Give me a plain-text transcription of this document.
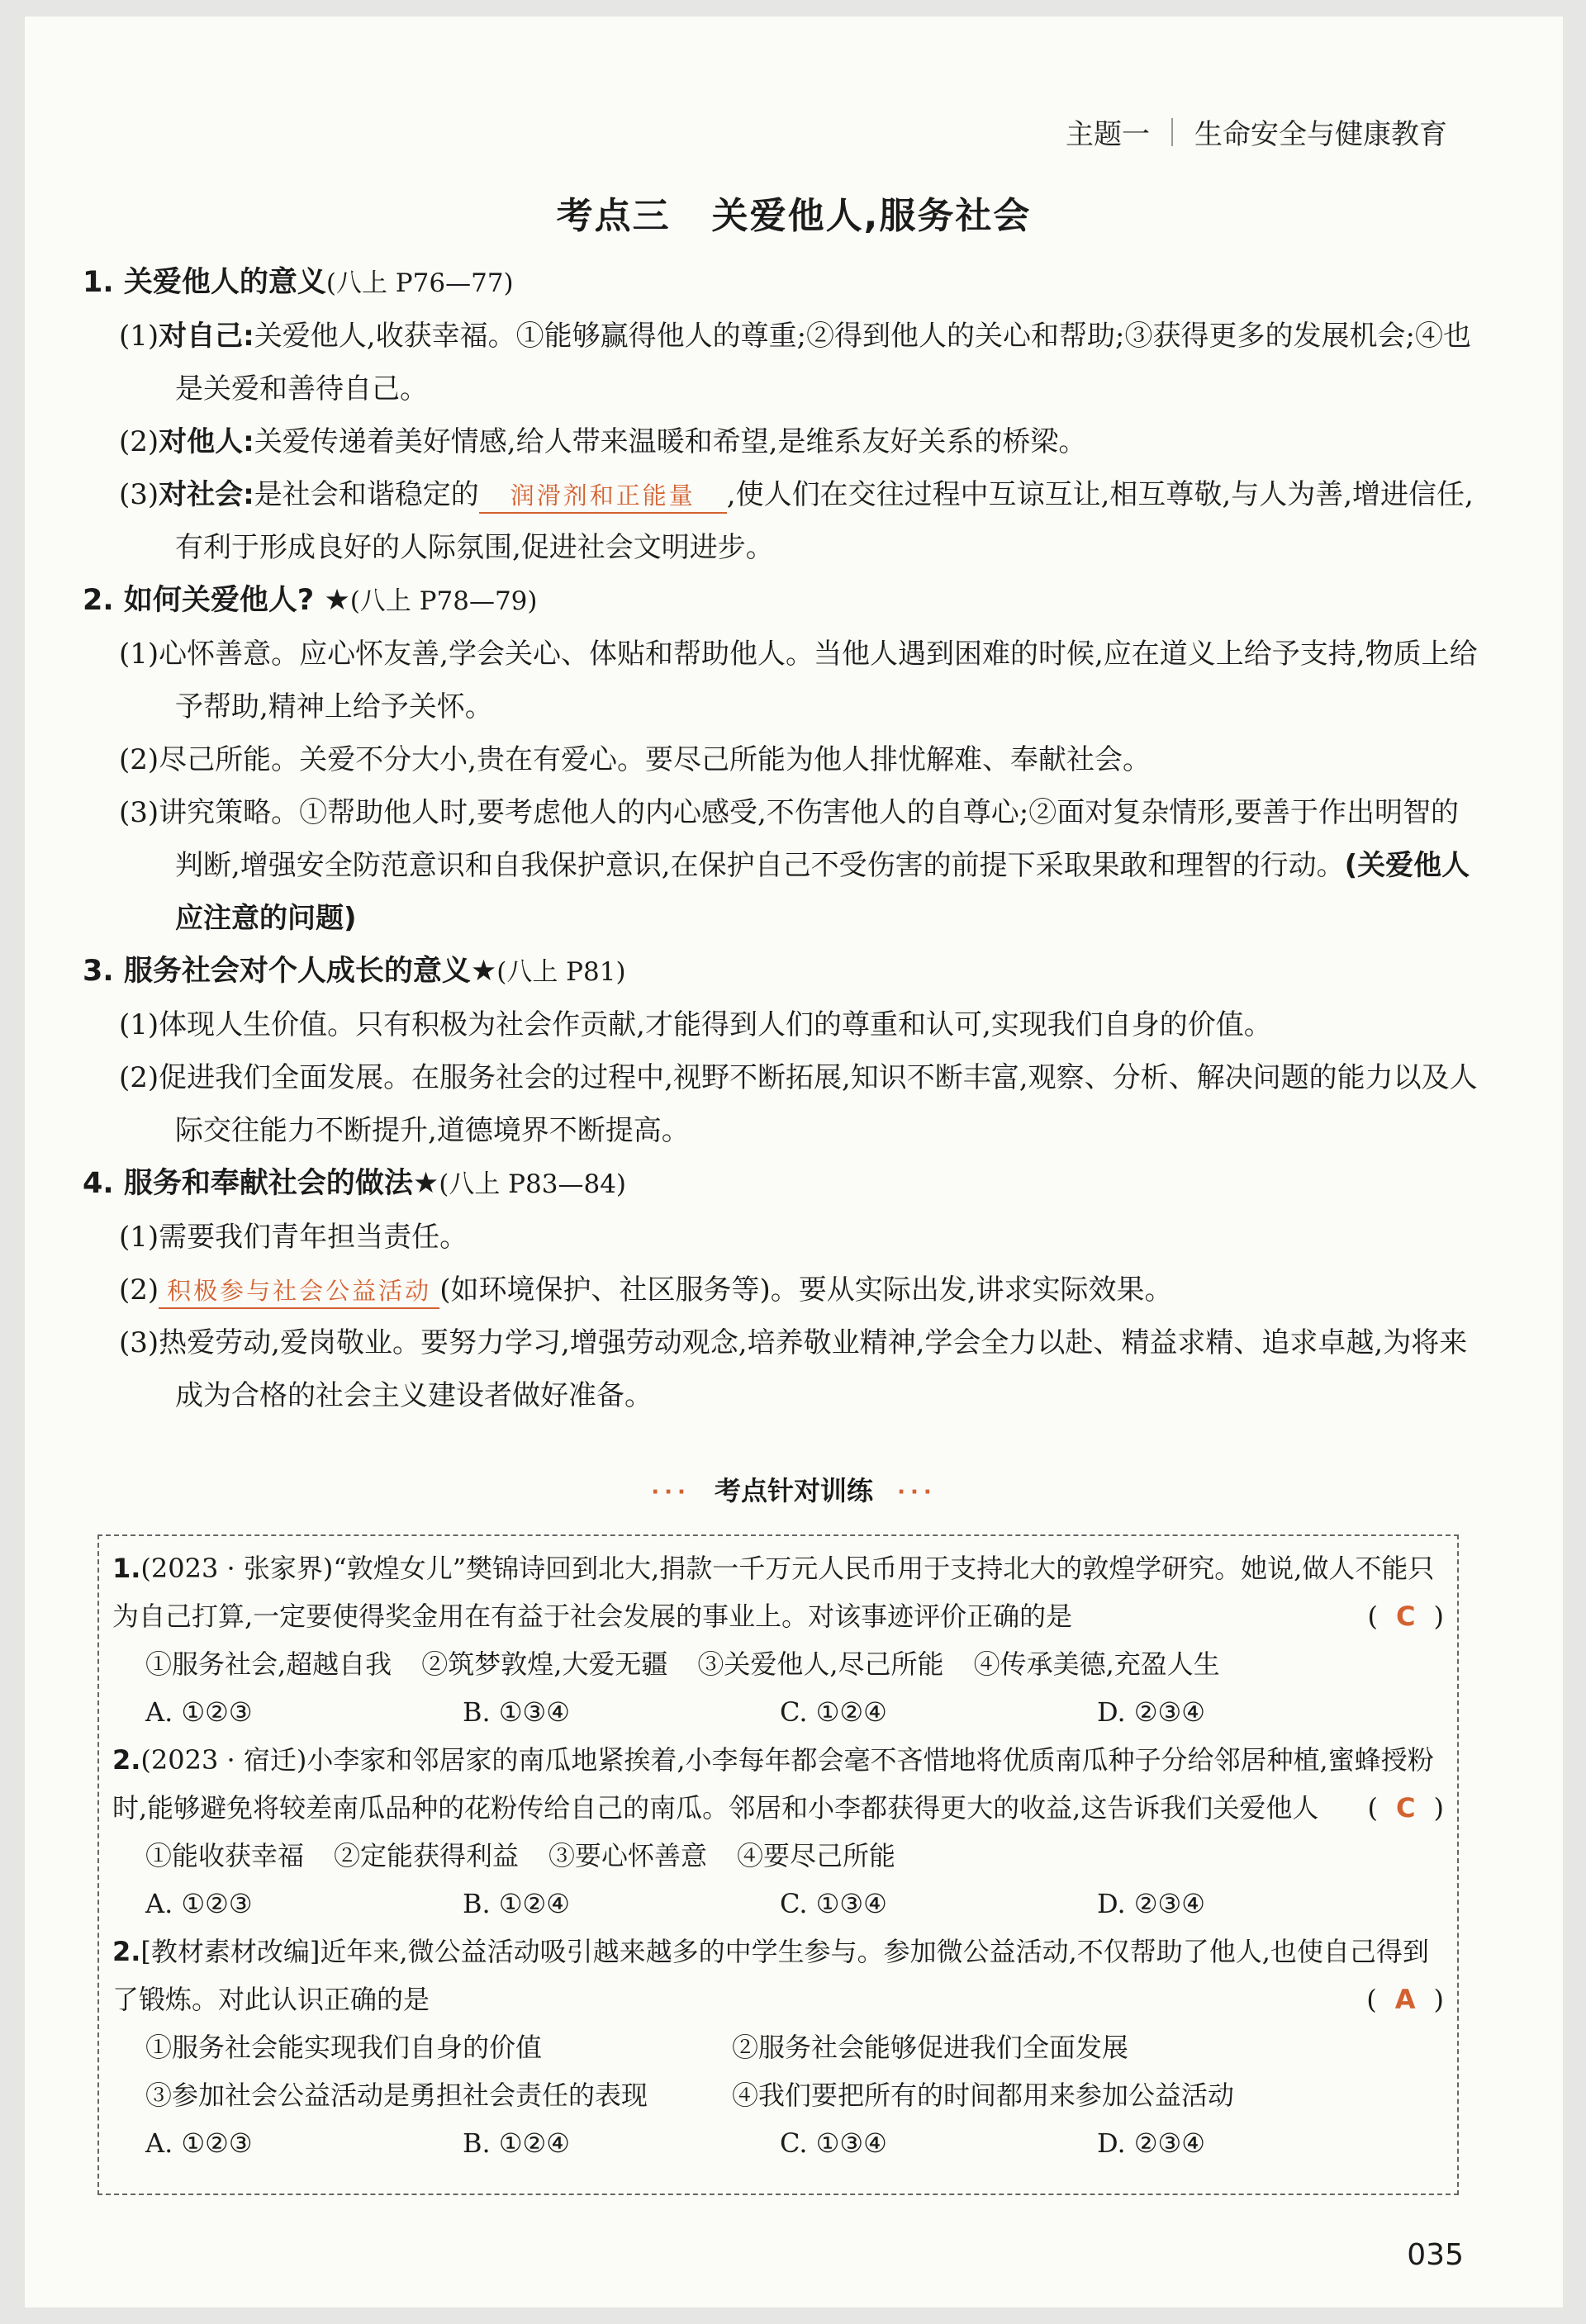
主题一 生命安全与健康教育
考点三 关爱他人,服务社会
1. 关爱他人的意义(八上 P76—77)
(1)对自己:关爱他人,收获幸福。①能够赢得他人的尊重;②得到他人的关心和帮助;③获得更多的发展机会;④也是关爱和善待自己。
(2)对他人:关爱传递着美好情感,给人带来温暖和希望,是维系友好关系的桥梁。
(3)对社会:是社会和谐稳定的 润滑剂和正能量 ,使人们在交往过程中互谅互让,相互尊敬,与人为善,增进信任,有利于形成良好的人际氛围,促进社会文明进步。
2. 如何关爱他人? ★(八上 P78—79)
(1)心怀善意。应心怀友善,学会关心、体贴和帮助他人。当他人遇到困难的时候,应在道义上给予支持,物质上给予帮助,精神上给予关怀。
(2)尽己所能。关爱不分大小,贵在有爱心。要尽己所能为他人排忧解难、奉献社会。
(3)讲究策略。①帮助他人时,要考虑他人的内心感受,不伤害他人的自尊心;②面对复杂情形,要善于作出明智的判断,增强安全防范意识和自我保护意识,在保护自己不受伤害的前提下采取果敢和理智的行动。(关爱他人应注意的问题)
3. 服务社会对个人成长的意义★(八上 P81)
(1)体现人生价值。只有积极为社会作贡献,才能得到人们的尊重和认可,实现我们自身的价值。
(2)促进我们全面发展。在服务社会的过程中,视野不断拓展,知识不断丰富,观察、分析、解决问题的能力以及人际交往能力不断提升,道德境界不断提高。
4. 服务和奉献社会的做法★(八上 P83—84)
(1)需要我们青年担当责任。
(2) 积极参与社会公益活动 (如环境保护、社区服务等)。要从实际出发,讲求实际效果。
(3)热爱劳动,爱岗敬业。要努力学习,增强劳动观念,培养敬业精神,学会全力以赴、精益求精、追求卓越,为将来成为合格的社会主义建设者做好准备。
··· 考点针对训练 ···
1.(2023 · 张家界)“敦煌女儿”樊锦诗回到北大,捐款一千万元人民币用于支持北大的敦煌学研究。她说,做人不能只为自己打算,一定要使得奖金用在有益于社会发展的事业上。对该事迹评价正确的是	( C )
①服务社会,超越自我 ②筑梦敦煌,大爱无疆 ③关爱他人,尽己所能 ④传承美德,充盈人生
A. ①②③	B. ①③④	C. ①②④	D. ②③④
2.(2023 · 宿迁)小李家和邻居家的南瓜地紧挨着,小李每年都会毫不吝惜地将优质南瓜种子分给邻居种植,蜜蜂授粉时,能够避免将较差南瓜品种的花粉传给自己的南瓜。邻居和小李都获得更大的收益,这告诉我们关爱他人 ( C )
①能收获幸福 ②定能获得利益 ③要心怀善意 ④要尽己所能
A. ①②③	B. ①②④	C. ①③④	D. ②③④
2.[教材素材改编]近年来,微公益活动吸引越来越多的中学生参与。参加微公益活动,不仅帮助了他人,也使自己得到了锻炼。对此认识正确的是	( A )
①服务社会能实现我们自身的价值	②服务社会能够促进我们全面发展
③参加社会公益活动是勇担社会责任的表现	④我们要把所有的时间都用来参加公益活动
A. ①②③	B. ①②④	C. ①③④	D. ②③④
035
